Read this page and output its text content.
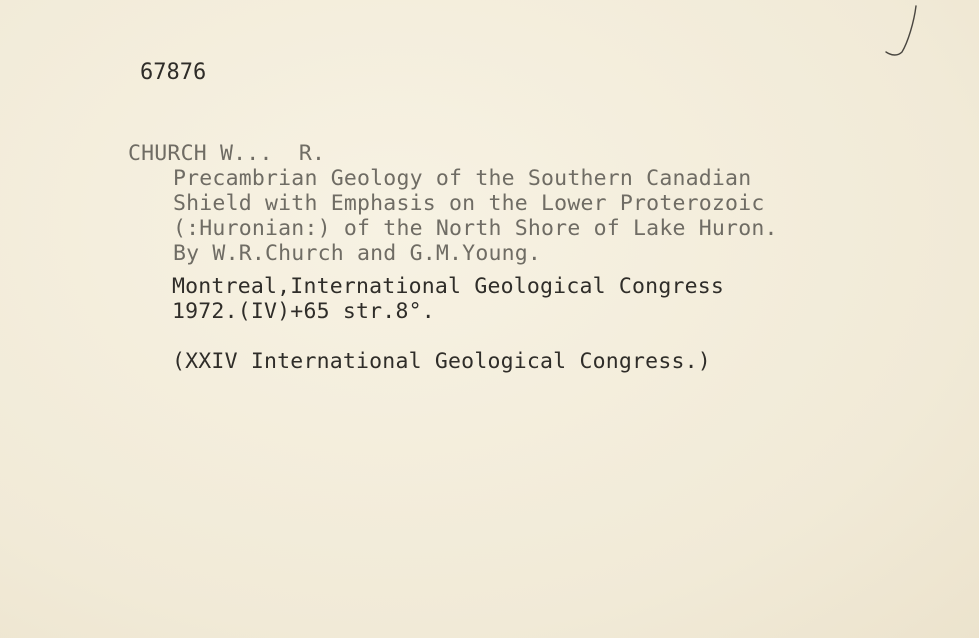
67876
CHURCH W...  R.
Precambrian Geology of the Southern Canadian
Shield with Emphasis on the Lower Proterozoic
(:Huronian:) of the North Shore of Lake Huron.
By W.R.Church and G.M.Young.
Montreal,International Geological Congress
1972.(IV)+65 str.8°.
(XXIV International Geological Congress.)
